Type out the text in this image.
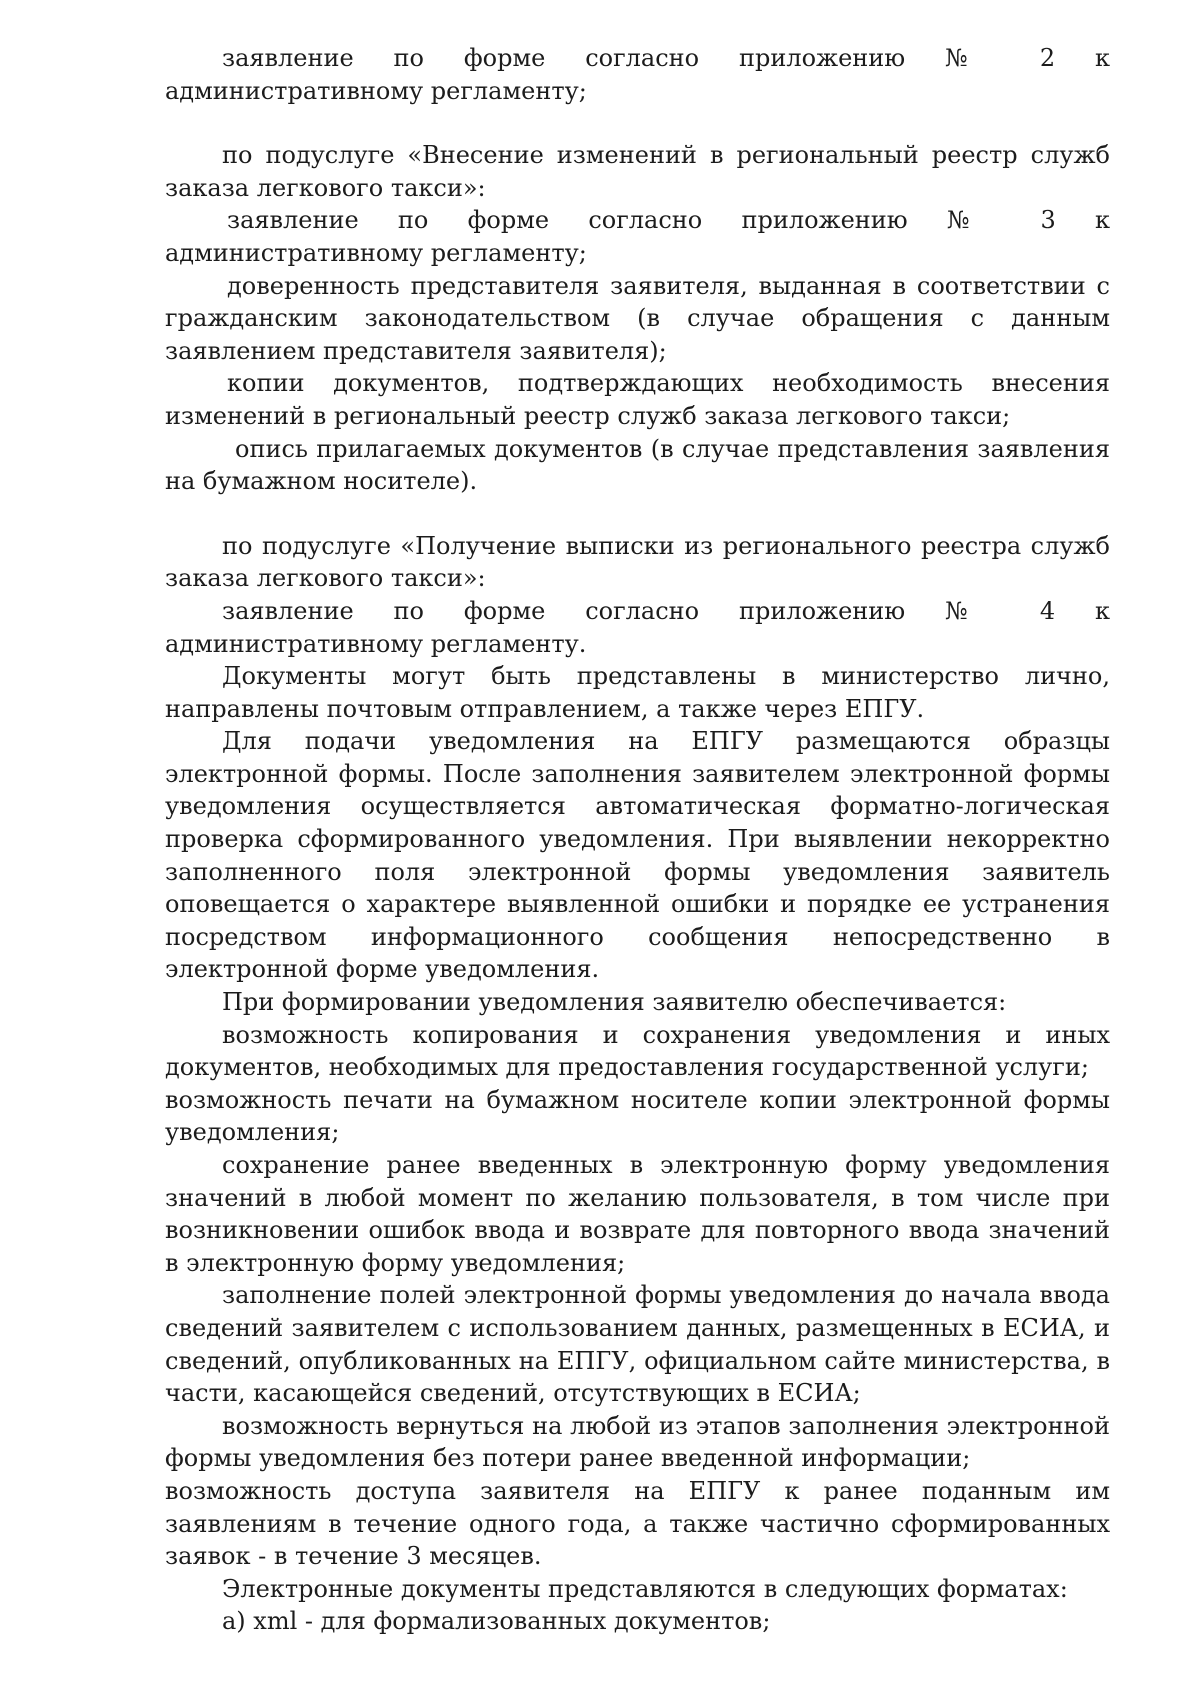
заявление по форме согласно приложению № 2 к административному регламенту;

по подуслуге «Внесение изменений в региональный реестр служб заказа легкового такси»:

заявление по форме согласно приложению № 3 к административному регламенту;

доверенность представителя заявителя, выданная в соответствии с гражданским законодательством (в случае обращения с данным заявлением представителя заявителя);

копии документов, подтверждающих необходимость внесения изменений в региональный реестр служб заказа легкового такси;

опись прилагаемых документов (в случае представления заявления на бумажном носителе).

по подуслуге «Получение выписки из регионального реестра служб заказа легкового такси»:

заявление по форме согласно приложению № 4 к административному регламенту.

Документы могут быть представлены в министерство лично, направлены почтовым отправлением, а также через ЕПГУ.

Для подачи уведомления на ЕПГУ размещаются образцы электронной формы. После заполнения заявителем электронной формы уведомления осуществляется автоматическая форматно-логическая проверка сформированного уведомления. При выявлении некорректно заполненного поля электронной формы уведомления заявитель оповещается о характере выявленной ошибки и порядке ее устранения посредством информационного сообщения непосредственно в электронной форме уведомления.

При формировании уведомления заявителю обеспечивается:

возможность копирования и сохранения уведомления и иных документов, необходимых для предоставления государственной услуги;

возможность печати на бумажном носителе копии электронной формы уведомления;

сохранение ранее введенных в электронную форму уведомления значений в любой момент по желанию пользователя, в том числе при возникновении ошибок ввода и возврате для повторного ввода значений в электронную форму уведомления;

заполнение полей электронной формы уведомления до начала ввода сведений заявителем с использованием данных, размещенных в ЕСИА, и сведений, опубликованных на ЕПГУ, официальном сайте министерства, в части, касающейся сведений, отсутствующих в ЕСИА;

возможность вернуться на любой из этапов заполнения электронной формы уведомления без потери ранее введенной информации;

возможность доступа заявителя на ЕПГУ к ранее поданным им заявлениям в течение одного года, а также частично сформированных заявок - в течение 3 месяцев.

Электронные документы представляются в следующих форматах:

а) xml - для формализованных документов;
